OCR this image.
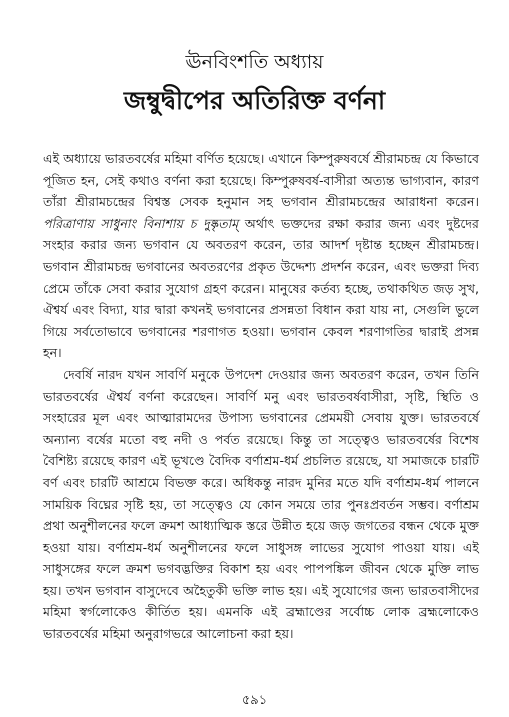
ঊনবিংশতি অধ্যায়
জম্বুদ্বীপের অতিরিক্ত বর্ণনা

এই অধ্যায়ে ভারতবর্ষের মহিমা বর্ণিত হয়েছে। এখানে কিম্পুরুষবর্ষে শ্রীরামচন্দ্র যে কিভাবে পূজিত হন, সেই কথাও বর্ণনা করা হয়েছে। কিম্পুরুষবর্ষ-বাসীরা অত্যন্ত ভাগ্যবান, কারণ তাঁরা শ্রীরামচন্দ্রের বিশ্বস্ত সেবক হনুমান সহ ভগবান শ্রীরামচন্দ্রের আরাধনা করেন। পরিত্রাণায় সাধুনাং বিনাশায় চ দুষ্কৃতাম্ অর্থাৎ ভক্তদের রক্ষা করার জন্য এবং দুষ্টদের সংহার করার জন্য ভগবান যে অবতরণ করেন, তার আদর্শ দৃষ্টান্ত হচ্ছেন শ্রীরামচন্দ্র। ভগবান শ্রীরামচন্দ্র ভগবানের অবতরণের প্রকৃত উদ্দেশ্য প্রদর্শন করেন, এবং ভক্তরা দিব্য প্রেমে তাঁকে সেবা করার সুযোগ গ্রহণ করেন। মানুষের কর্তব্য হচ্ছে, তথাকথিত জড় সুখ, ঐশ্বর্য এবং বিদ্যা, যার দ্বারা কখনই ভগবানের প্রসন্নতা বিধান করা যায় না, সেগুলি ভুলে গিয়ে সর্বতোভাবে ভগবানের শরণাগত হওয়া। ভগবান কেবল শরণাগতির দ্বারাই প্রসন্ন হন।

দেবর্ষি নারদ যখন সাবর্ণি মনুকে উপদেশ দেওয়ার জন্য অবতরণ করেন, তখন তিনি ভারতবর্ষের ঐশ্বর্য বর্ণনা করেছেন। সাবর্ণি মনু এবং ভারতবর্ষবাসীরা, সৃষ্টি, স্থিতি ও সংহারের মূল এবং আত্মারামদের উপাস্য ভগবানের প্রেমময়ী সেবায় যুক্ত। ভারতবর্ষে অন্যান্য বর্ষের মতো বহু নদী ও পর্বত রয়েছে। কিন্তু তা সত্ত্বেও ভারতবর্ষের বিশেষ বৈশিষ্ট্য রয়েছে কারণ এই ভূখণ্ডে বৈদিক বর্ণাশ্রম-ধর্ম প্রচলিত রয়েছে, যা সমাজকে চারটি বর্ণ এবং চারটি আশ্রমে বিভক্ত করে। অধিকন্তু নারদ মুনির মতে যদি বর্ণাশ্রম-ধর্ম পালনে সাময়িক বিঘ্নের সৃষ্টি হয়, তা সত্ত্বেও যে কোন সময়ে তার পুনঃপ্রবর্তন সম্ভব। বর্ণাশ্রম প্রথা অনুশীলনের ফলে ক্রমশ আধ্যাত্মিক স্তরে উন্নীত হয়ে জড় জগতের বন্ধন থেকে মুক্ত হওয়া যায়। বর্ণাশ্রম-ধর্ম অনুশীলনের ফলে সাধুসঙ্গ লাভের সুযোগ পাওয়া যায়। এই সাধুসঙ্গের ফলে ক্রমশ ভগবদ্ভক্তির বিকাশ হয় এবং পাপপঙ্কিল জীবন থেকে মুক্তি লাভ হয়। তখন ভগবান বাসুদেবে অহৈতুকী ভক্তি লাভ হয়। এই সুযোগের জন্য ভারতবাসীদের মহিমা স্বর্গলোকেও কীর্তিত হয়। এমনকি এই ব্রহ্মাণ্ডের সর্বোচ্চ লোক ব্রহ্মলোকেও ভারতবর্ষের মহিমা অনুরাগভরে আলোচনা করা হয়।

৫৯১
